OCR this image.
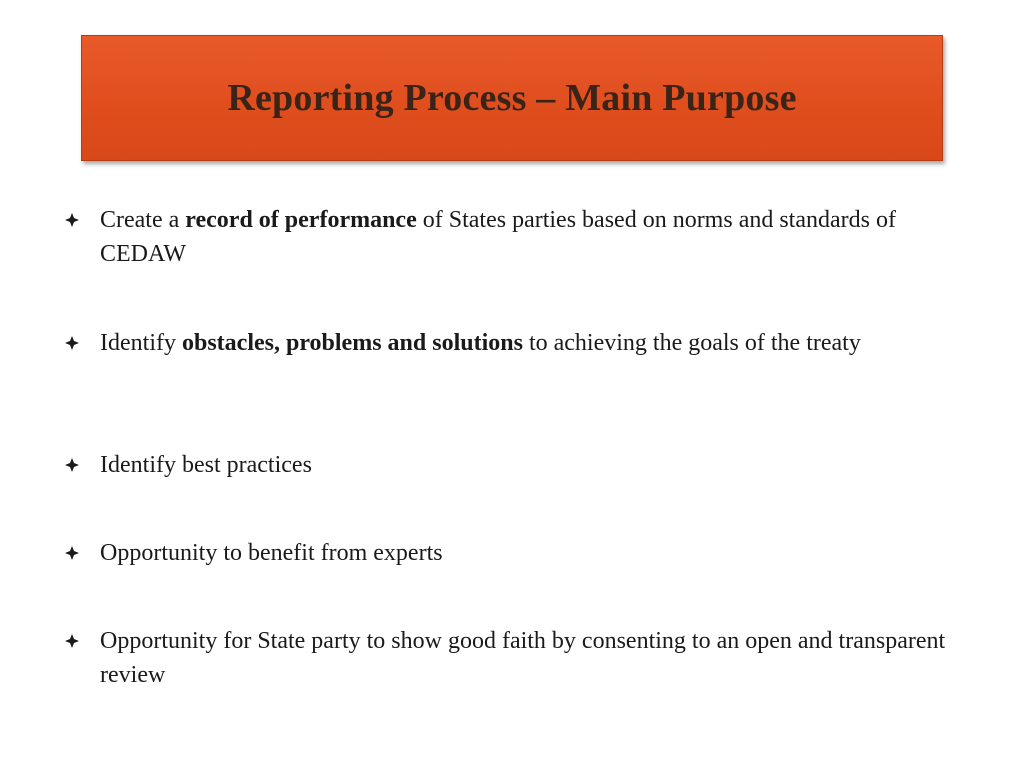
Reporting Process – Main Purpose
Create a record of performance of States parties based on norms and standards of CEDAW
Identify obstacles, problems and solutions to achieving the goals of the treaty
Identify best practices
Opportunity to benefit from experts
Opportunity for State party to show good faith by consenting to an open and transparent review
